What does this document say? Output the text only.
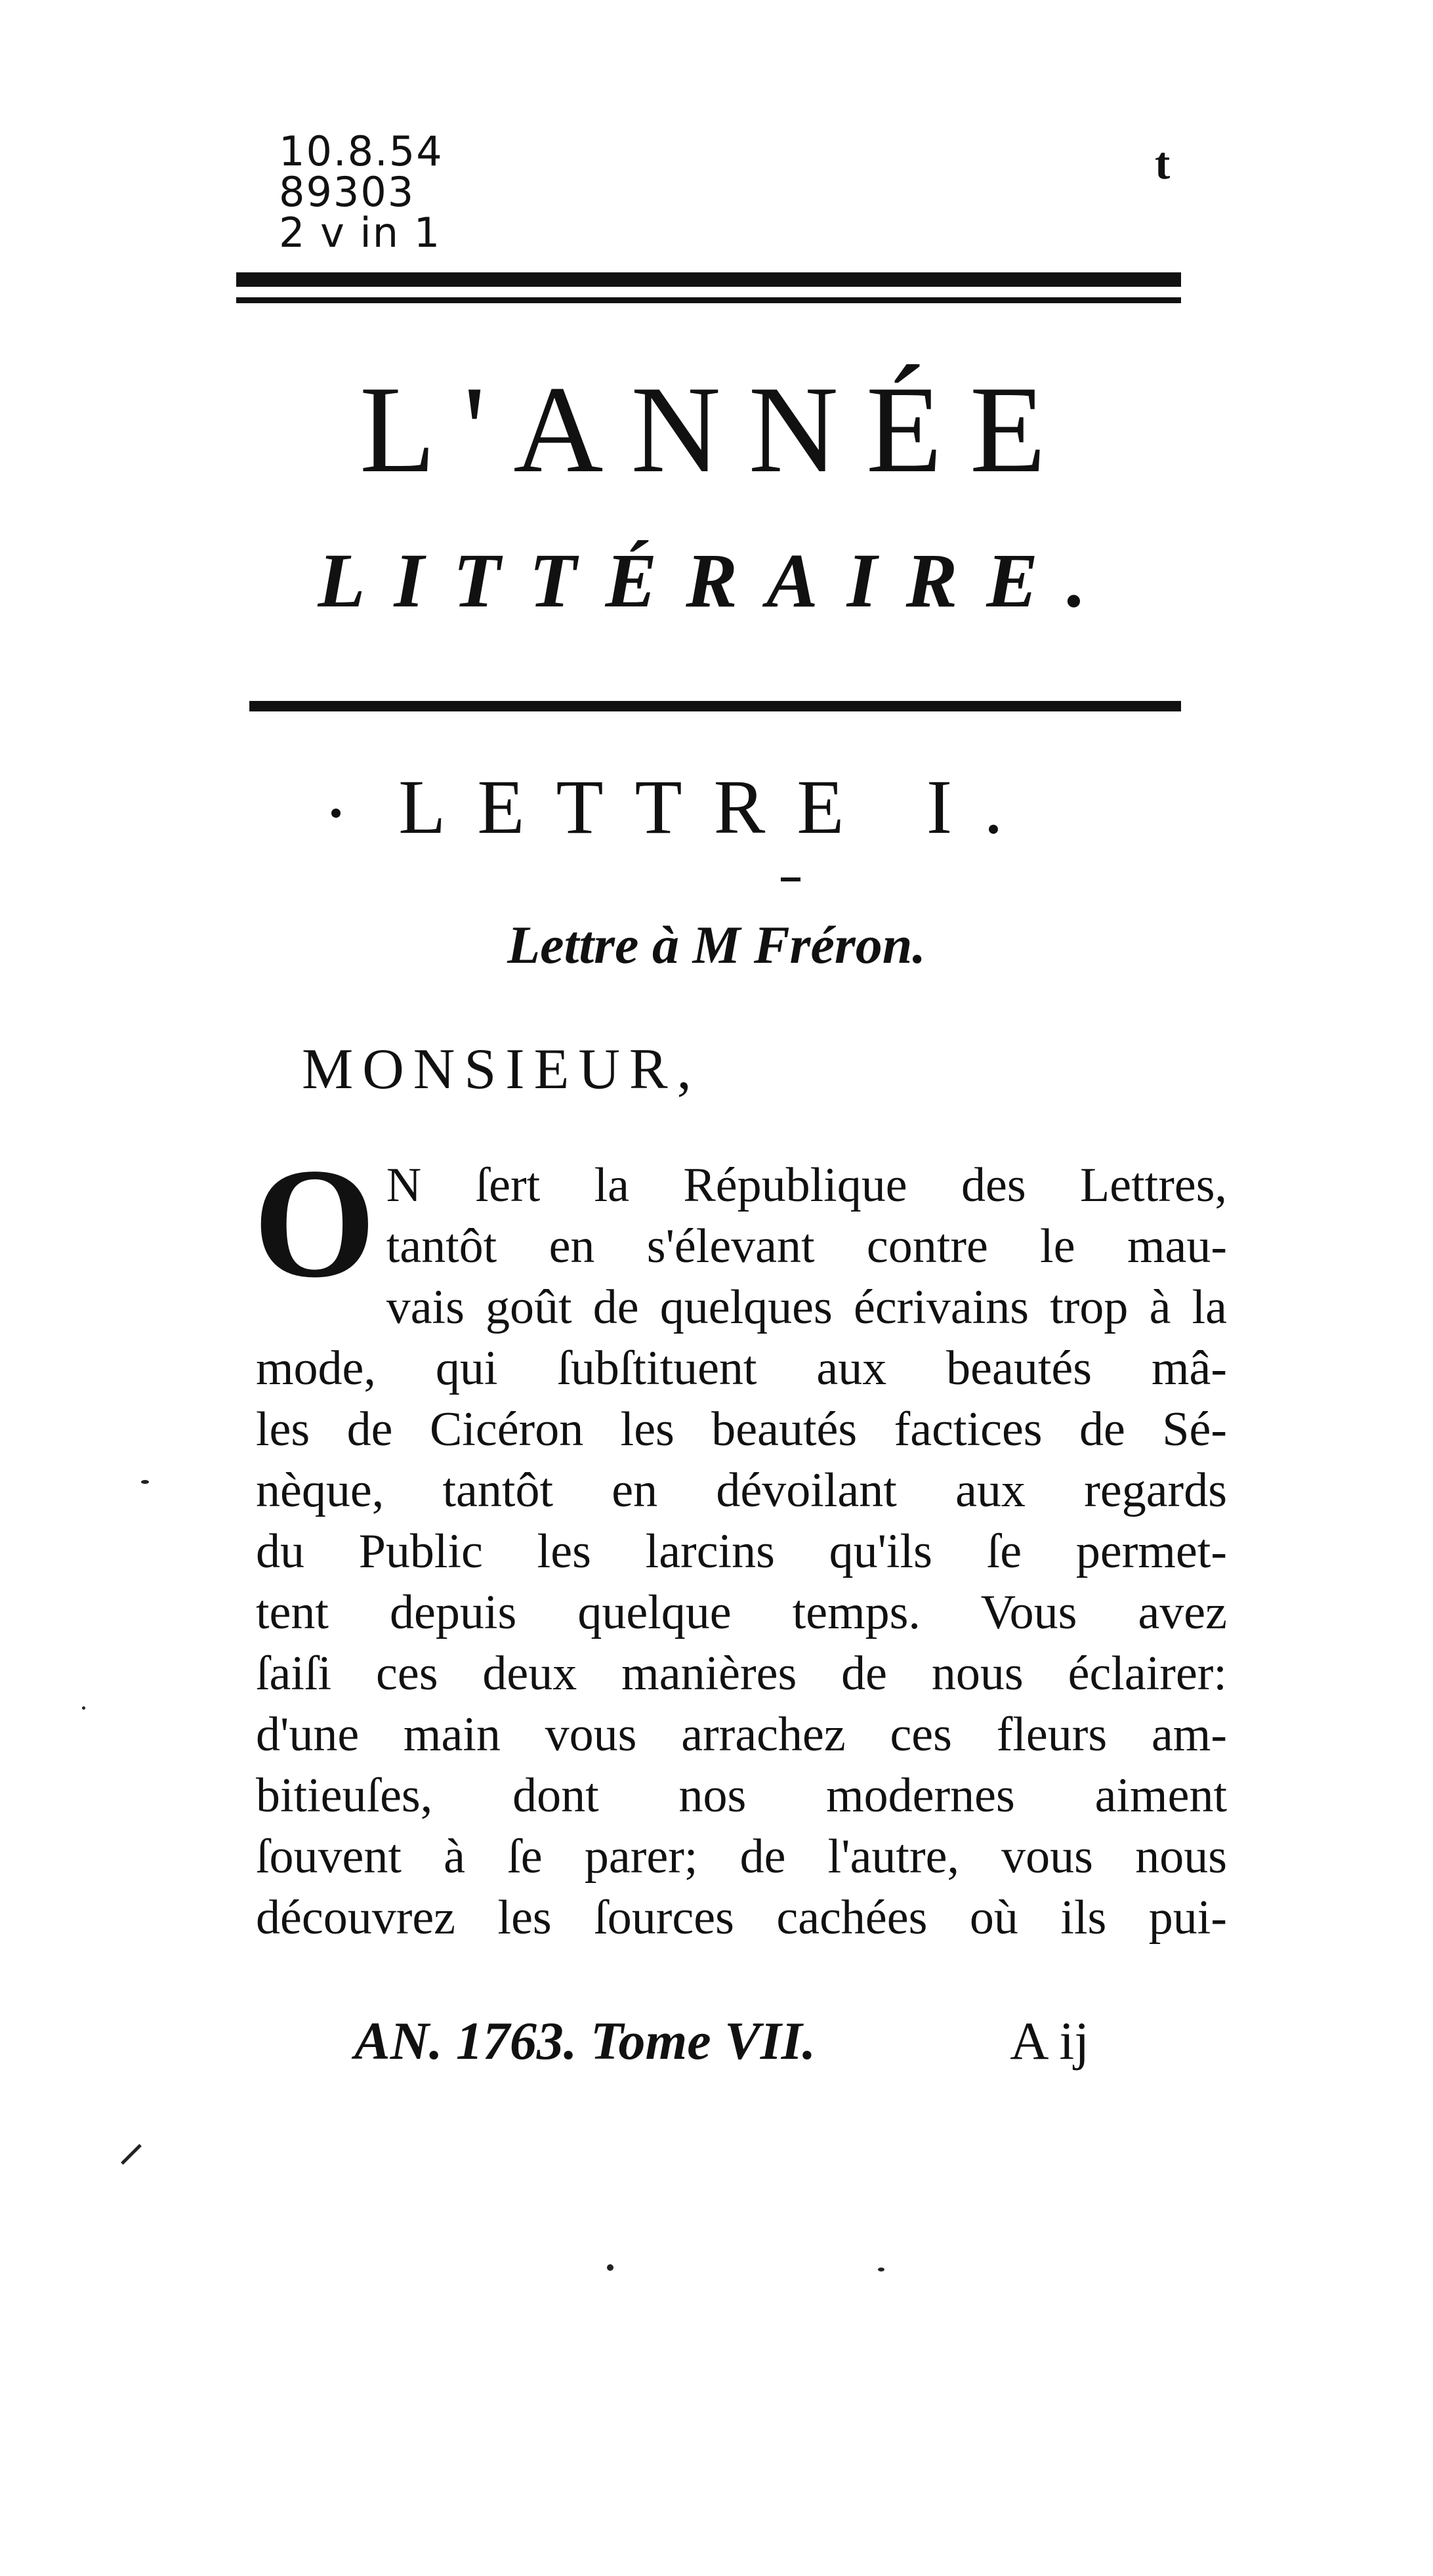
10.8.54
89303
2 v in 1
t
L'ANNÉE
LITTÉRAIRE.
LETTRE I.
Lettre à M Fréron.
MONSIEUR,
O N ſert la République des Lettres,
tantôt en s'élevant contre le mau-
vais goût de quelques écrivains trop à la
mode, qui ſubſtituent aux beautés mâ-
les de Cicéron les beautés factices de Sé-
nèque, tantôt en dévoilant aux regards
du Public les larcins qu'ils ſe permet-
tent depuis quelque temps. Vous avez
ſaiſi ces deux manières de nous éclairer:
d'une main vous arrachez ces fleurs am-
bitieuſes, dont nos modernes aiment
ſouvent à ſe parer; de l'autre, vous nous
découvrez les ſources cachées où ils pui-
AN. 1763. Tome VII.	A ij
